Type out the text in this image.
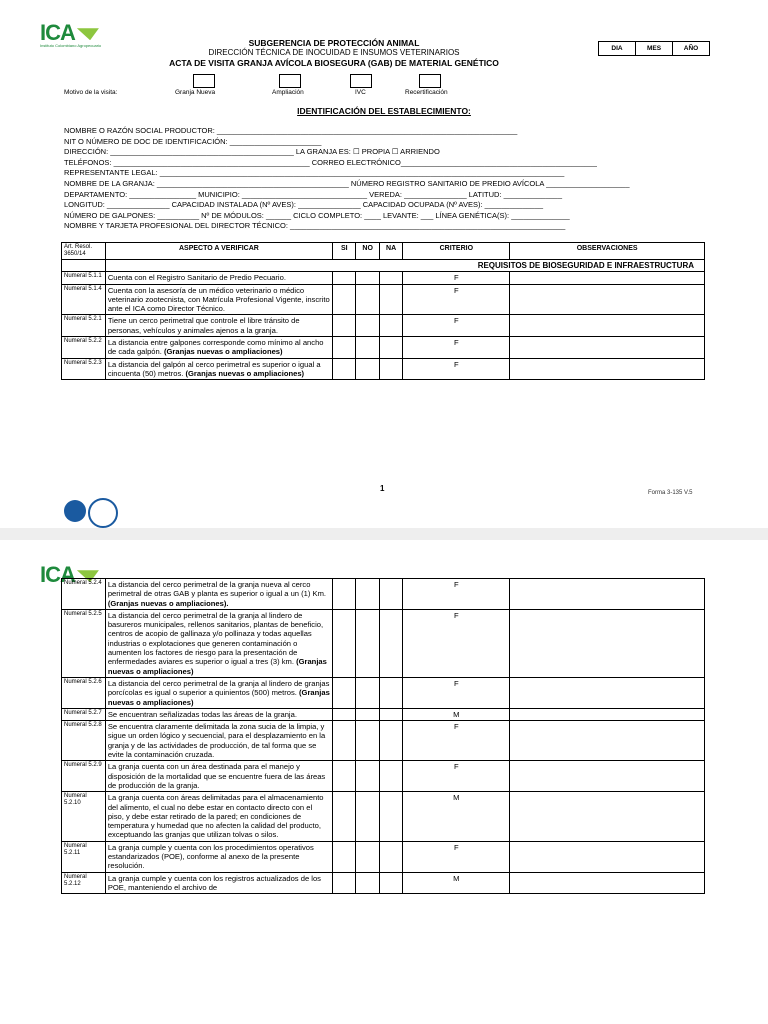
ICA
Instituto Colombiano Agropecuario	SUBGERENCIA DE PROTECCIÓN ANIMAL
DIRECCIÓN TÉCNICA DE INOCUIDAD E INSUMOS VETERINARIOS
ACTA DE VISITA GRANJA AVÍCOLA BIOSEGURA (GAB) DE MATERIAL GENÉTICO
DIA	MES	AÑO
Motivo de la visita:	Granja Nueva	Ampliación	IVC	Recertificación
IDENTIFICACIÓN DEL ESTABLECIMIENTO:
NOMBRE O RAZÓN SOCIAL PRODUCTOR: ________________________________________________________________________
NIT O NÚMERO DE DOC DE IDENTIFICACIÓN: ______________________
DIRECCIÓN: ____________________________________________ LA GRANJA ES: ☐ PROPIA ☐ ARRIENDO
TELÉFONOS: _______________________________________________ CORREO ELECTRÓNICO_______________________________________________
REPRESENTANTE LEGAL: _________________________________________________________________________________________________
NOMBRE DE LA GRANJA: ______________________________________________ NÚMERO REGISTRO SANITARIO DE PREDIO AVÍCOLA ____________________
DEPARTAMENTO: ________________ MUNICIPIO: ______________________________ VEREDA: _______________ LATITUD: ______________
LONGITUD: _______________ CAPACIDAD INSTALADA (Nº AVES): _______________ CAPACIDAD OCUPADA (Nº AVES): ______________
NÚMERO DE GALPONES: __________ Nº DE MÓDULOS: ______ CICLO COMPLETO: ____ LEVANTE: ___ LÍNEA GENÉTICA(S): ______________
NOMBRE Y TARJETA PROFESIONAL DEL DIRECTOR TÉCNICO: __________________________________________________________________
Art. Resol. 3650/14	ASPECTO A VERIFICAR	SI	NO	NA	CRITERIO	OBSERVACIONES
	REQUISITOS DE BIOSEGURIDAD E INFRAESTRUCTURA					
Numeral 5.1.1	Cuenta con el Registro Sanitario de Predio Pecuario.				F	
Numeral 5.1.4	Cuenta con la asesoría de un médico veterinario o médico veterinario zootecnista, con Matrícula Profesional Vigente, inscrito ante el ICA como Director Técnico.				F	
Numeral 5.2.1	Tiene un cerco perimetral que controle el libre tránsito de personas, vehículos y animales ajenos a la granja.				F	
Numeral 5.2.2	La distancia entre galpones corresponde como mínimo al ancho de cada galpón. (Granjas nuevas o ampliaciones)				F	
Numeral 5.2.3	La distancia del galpón al cerco perimetral es superior o igual a cincuenta (50) metros. (Granjas nuevas o ampliaciones)				F	
1	Forma 3-135 V.5
ICA
Numeral 5.2.4	La distancia del cerco perimetral de la granja nueva al cerco perimetral de otras GAB y planta es superior o igual a un (1) Km. (Granjas nuevas o ampliaciones).				F	
Numeral 5.2.5	La distancia del cerco perimetral de la granja al lindero de basureros municipales, rellenos sanitarios, plantas de beneficio, centros de acopio de gallinaza y/o pollinaza y todas aquellas industrias o explotaciones que generen contaminación o aumenten los factores de riesgo para la presentación de enfermedades aviares es superior o igual a tres (3) km. (Granjas nuevas o ampliaciones)				F	
Numeral 5.2.6	La distancia del cerco perimetral de la granja al lindero de granjas porcícolas es igual o superior a quinientos (500) metros. (Granjas nuevas o ampliaciones)				F	
Numeral 5.2.7	Se encuentran señalizadas todas las áreas de la granja.				M	
Numeral 5.2.8	Se encuentra claramente delimitada la zona sucia de la limpia, y sigue un orden lógico y secuencial, para el desplazamiento en la granja y de las actividades de producción, de tal forma que se evite la contaminación cruzada.				F	
Numeral 5.2.9	La granja cuenta con un área destinada para el manejo y disposición de la mortalidad que se encuentre fuera de las áreas de producción de la granja.				F	
Numeral 5.2.10	La granja cuenta con áreas delimitadas para el almacenamiento del alimento, el cual no debe estar en contacto directo con el piso, y debe estar retirado de la pared; en condiciones de temperatura y humedad que no afecten la calidad del producto, exceptuando las granjas que utilizan tolvas o silos.				M	
Numeral 5.2.11	La granja cumple y cuenta con los procedimientos operativos estandarizados (POE), conforme al anexo de la presente resolución.				F	
Numeral 5.2.12	La granja cumple y cuenta con los registros actualizados de los POE, manteniendo el archivo de				M	
